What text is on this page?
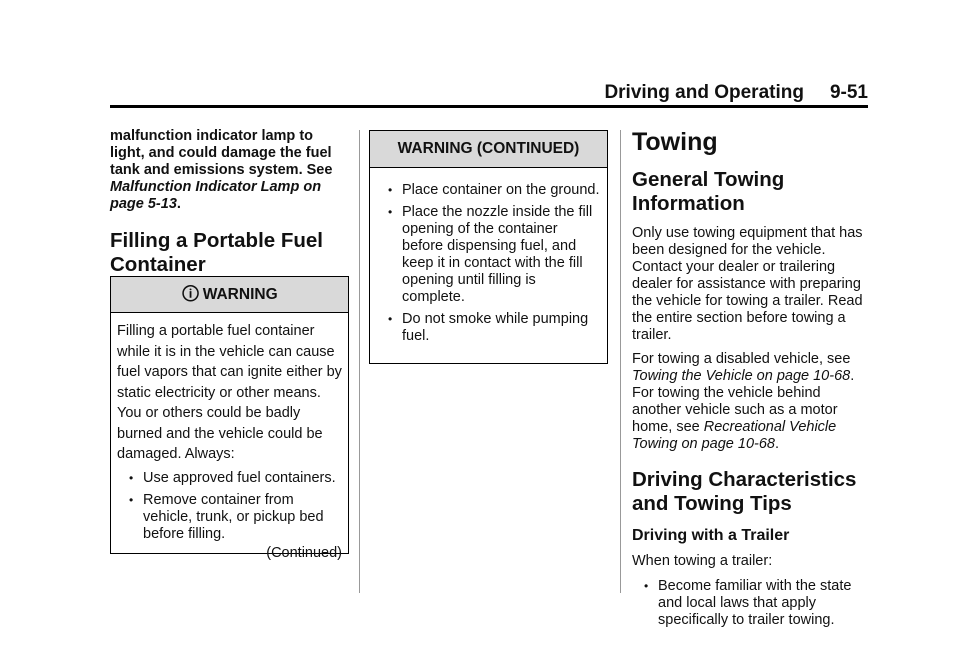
Driving and Operating 9-51

malfunction indicator lamp to light, and could damage the fuel tank and emissions system. See Malfunction Indicator Lamp on page 5-13.

Filling a Portable Fuel Container
🛈 WARNING

Filling a portable fuel container while it is in the vehicle can cause fuel vapors that can ignite either by static electricity or other means. You or others could be badly burned and the vehicle could be damaged. Always:

• Use approved fuel containers.
• Remove container from vehicle, trunk, or pickup bed before filling.
(Continued)
WARNING (CONTINUED)
• Place container on the ground.
• Place the nozzle inside the fill opening of the container before dispensing fuel, and keep it in contact with the fill opening until filling is complete.
• Do not smoke while pumping fuel.
Towing
General Towing Information

Only use towing equipment that has been designed for the vehicle. Contact your dealer or trailering dealer for assistance with preparing the vehicle for towing a trailer. Read the entire section before towing a trailer.

For towing a disabled vehicle, see Towing the Vehicle on page 10-68. For towing the vehicle behind another vehicle such as a motor home, see Recreational Vehicle Towing on page 10-68.

Driving Characteristics and Towing Tips
Driving with a Trailer

When towing a trailer:

• Become familiar with the state and local laws that apply specifically to trailer towing.
